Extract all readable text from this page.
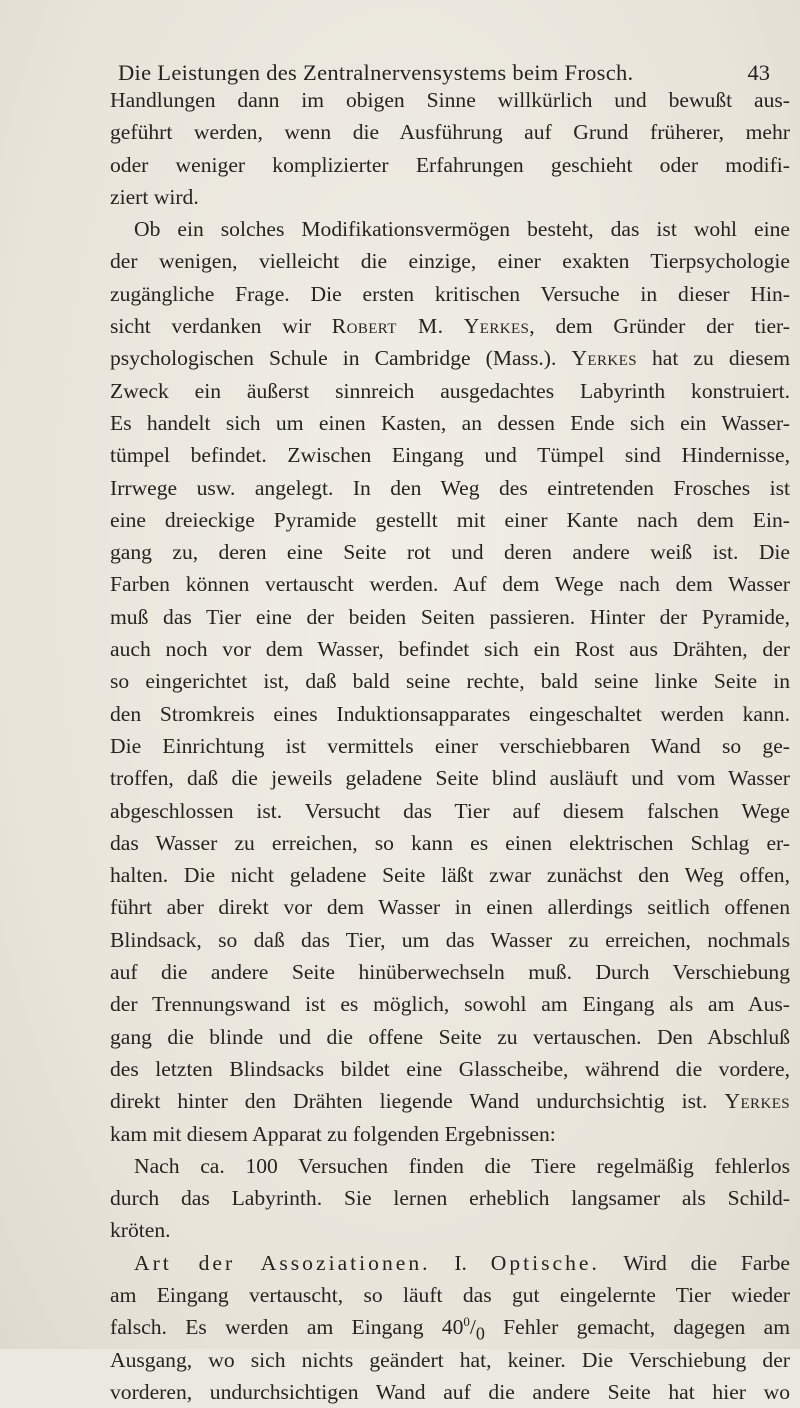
Die Leistungen des Zentralnervensystems beim Frosch.	43
Handlungen dann im obigen Sinne willkürlich und bewußt aus-
geführt werden, wenn die Ausführung auf Grund früherer, mehr
oder weniger komplizierter Erfahrungen geschieht oder modifi-
ziert wird.
Ob ein solches Modifikationsvermögen besteht, das ist wohl eine
der wenigen, vielleicht die einzige, einer exakten Tierpsychologie
zugängliche Frage. Die ersten kritischen Versuche in dieser Hin-
sicht verdanken wir Robert M. Yerkes, dem Gründer der tier-
psychologischen Schule in Cambridge (Mass.). Yerkes hat zu diesem
Zweck ein äußerst sinnreich ausgedachtes Labyrinth konstruiert.
Es handelt sich um einen Kasten, an dessen Ende sich ein Wasser-
tümpel befindet. Zwischen Eingang und Tümpel sind Hindernisse,
Irrwege usw. angelegt. In den Weg des eintretenden Frosches ist
eine dreieckige Pyramide gestellt mit einer Kante nach dem Ein-
gang zu, deren eine Seite rot und deren andere weiß ist. Die
Farben können vertauscht werden. Auf dem Wege nach dem Wasser
muß das Tier eine der beiden Seiten passieren. Hinter der Pyramide,
auch noch vor dem Wasser, befindet sich ein Rost aus Drähten, der
so eingerichtet ist, daß bald seine rechte, bald seine linke Seite in
den Stromkreis eines Induktionsapparates eingeschaltet werden kann.
Die Einrichtung ist vermittels einer verschiebbaren Wand so ge-
troffen, daß die jeweils geladene Seite blind ausläuft und vom Wasser
abgeschlossen ist. Versucht das Tier auf diesem falschen Wege
das Wasser zu erreichen, so kann es einen elektrischen Schlag er-
halten. Die nicht geladene Seite läßt zwar zunächst den Weg offen,
führt aber direkt vor dem Wasser in einen allerdings seitlich offenen
Blindsack, so daß das Tier, um das Wasser zu erreichen, nochmals
auf die andere Seite hinüberwechseln muß. Durch Verschiebung
der Trennungswand ist es möglich, sowohl am Eingang als am Aus-
gang die blinde und die offene Seite zu vertauschen. Den Abschluß
des letzten Blindsacks bildet eine Glasscheibe, während die vordere,
direkt hinter den Drähten liegende Wand undurchsichtig ist. Yerkes
kam mit diesem Apparat zu folgenden Ergebnissen:
Nach ca. 100 Versuchen finden die Tiere regelmäßig fehlerlos
durch das Labyrinth. Sie lernen erheblich langsamer als Schild-
kröten.
Art der Assoziationen. I. Optische. Wird die Farbe
am Eingang vertauscht, so läuft das gut eingelernte Tier wieder
falsch. Es werden am Eingang $40^0/_0$ Fehler gemacht, dagegen am
Ausgang, wo sich nichts geändert hat, keiner. Die Verschiebung der
vorderen, undurchsichtigen Wand auf die andere Seite hat hier wo
